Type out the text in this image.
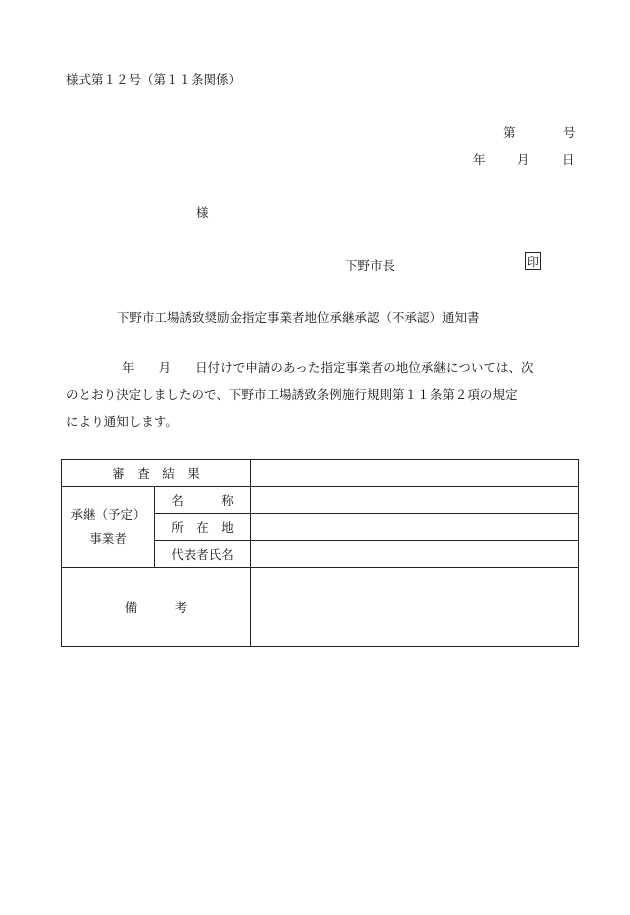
様式第１２号（第１１条関係）
第	号
年	月	日
様
下野市長	印
下野市工場誘致奨励金指定事業者地位承継承認（不承認）通知書
年 月 日付けで申請のあった指定事業者の地位承継については、次
のとおり決定しましたので、下野市工場誘致条例施行規則第１１条第２項の規定
により通知します。
審　査　結　果		

承継（予定）
事業者	名　　　称	
	所　在　地	
	代表者氏名	
備　　　考		
